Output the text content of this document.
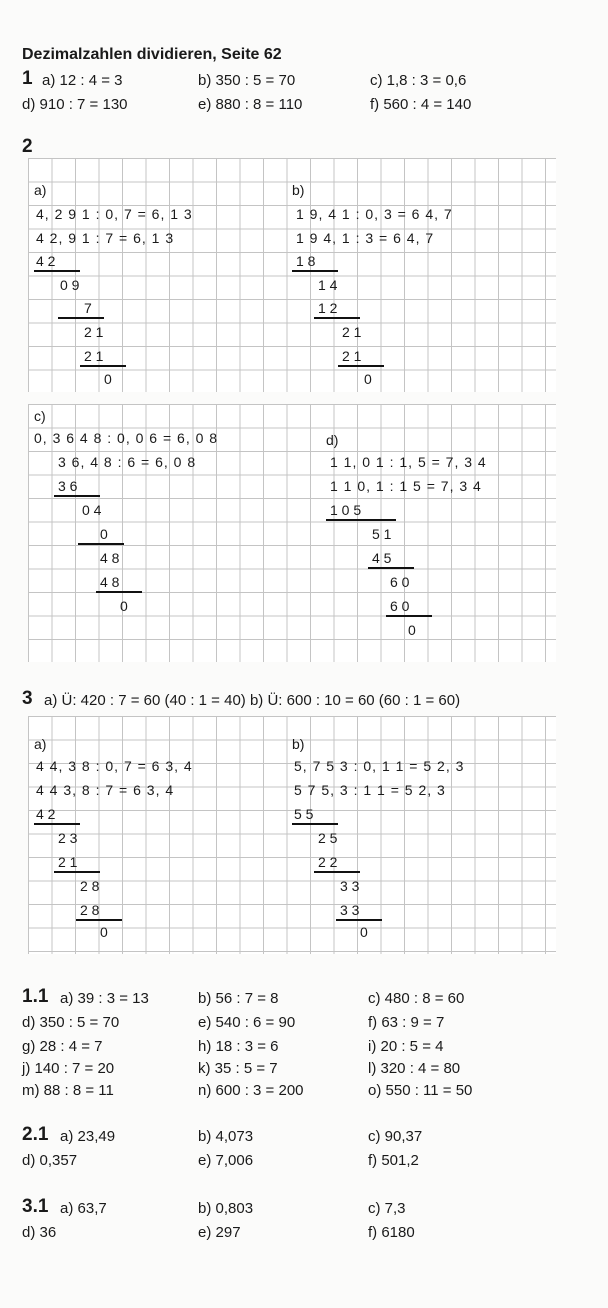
Dezimalzahlen dividieren, Seite 62
1 a) 12 : 4 = 3	b) 350 : 5 = 70	c) 1,8 : 3 = 0,6
d) 910 : 7 = 130	e) 880 : 8 = 110	f) 560 : 4 = 140
2
a)
4, 2 9 1 : 0, 7 = 6, 1 3
4 2, 9 1 : 7 = 6, 1 3
4 2
0 9
7
2 1
2 1
0
b)
1 9, 4 1 : 0, 3 = 6 4, 7
1 9 4, 1 : 3 = 6 4, 7
1 8
1 4
1 2
2 1
2 1
0
c)
0, 3 6 4 8 : 0, 0 6 = 6, 0 8
3 6, 4 8 : 6 = 6, 0 8
3 6
0 4
0
4 8
4 8
0
d)
1 1, 0 1 : 1, 5 = 7, 3 4
1 1 0, 1 : 1 5 = 7, 3 4
1 0 5
5 1
4 5
6 0
6 0
0
3 a) Ü: 420 : 7 = 60 (40 : 1 = 40) b) Ü: 600 : 10 = 60 (60 : 1 = 60)
a)
4 4, 3 8 : 0, 7 = 6 3, 4
4 4 3, 8 : 7 = 6 3, 4
4 2
2 3
2 1
2 8
2 8
0
b)
5, 7 5 3 : 0, 1 1 = 5 2, 3
5 7 5, 3 : 1 1 = 5 2, 3
5 5
2 5
2 2
3 3
3 3
0
1.1 a) 39 : 3 = 13	b) 56 : 7 = 8	c) 480 : 8 = 60
d) 350 : 5 = 70	e) 540 : 6 = 90	f) 63 : 9 = 7
g) 28 : 4 = 7	h) 18 : 3 = 6	i) 20 : 5 = 4
j) 140 : 7 = 20	k) 35 : 5 = 7	l) 320 : 4 = 80
m) 88 : 8 = 11	n) 600 : 3 = 200	o) 550 : 11 = 50
2.1 a) 23,49	b) 4,073	c) 90,37
d) 0,357	e) 7,006	f) 501,2
3.1 a) 63,7	b) 0,803	c) 7,3
d) 36	e) 297	f) 6180
